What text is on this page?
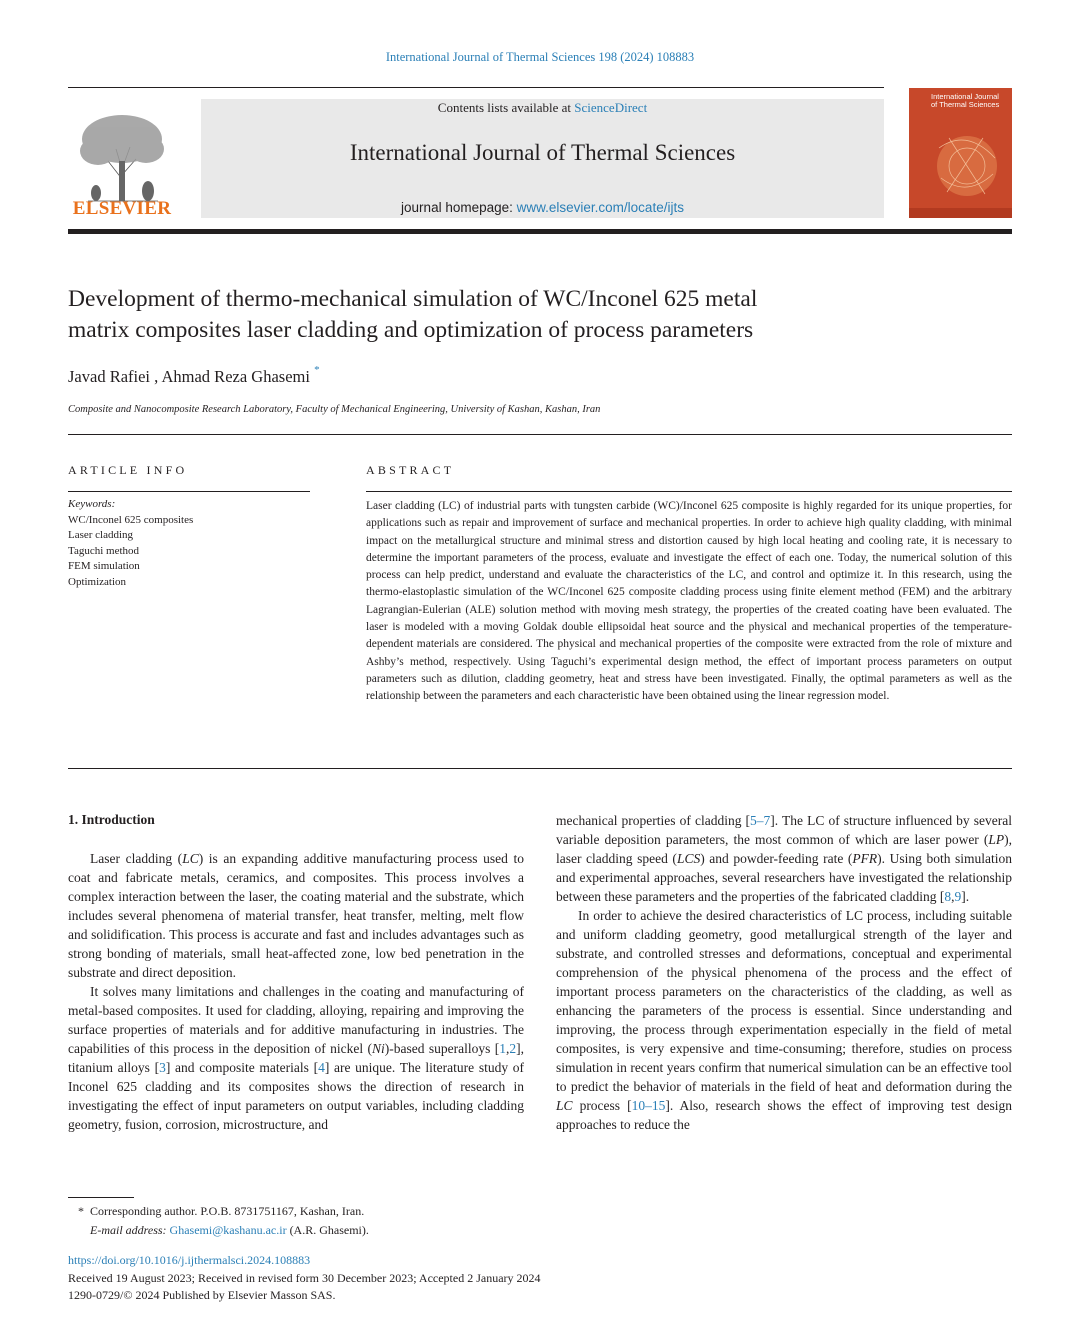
International Journal of Thermal Sciences 198 (2024) 108883
ELSEVIER
Contents lists available at ScienceDirect
International Journal of Thermal Sciences
journal homepage: www.elsevier.com/locate/ijts
International Journal of Thermal Sciences
Development of thermo-mechanical simulation of WC/Inconel 625 metal
matrix composites laser cladding and optimization of process parameters
Javad Rafiei , Ahmad Reza Ghasemi *
Composite and Nanocomposite Research Laboratory, Faculty of Mechanical Engineering, University of Kashan, Kashan, Iran
ARTICLE INFO
Keywords:
WC/Inconel 625 composites
Laser cladding
Taguchi method
FEM simulation
Optimization
ABSTRACT
Laser cladding (LC) of industrial parts with tungsten carbide (WC)/Inconel 625 composite is highly regarded for its unique properties, for applications such as repair and improvement of surface and mechanical properties. In order to achieve high quality cladding, with minimal impact on the metallurgical structure and minimal stress and distortion caused by high local heating and cooling rate, it is necessary to determine the important parameters of the process, evaluate and investigate the effect of each one. Today, the numerical solution of this process can help predict, understand and evaluate the characteristics of the LC, and control and optimize it. In this research, using the thermo-elastoplastic simulation of the WC/Inconel 625 composite cladding process using finite element method (FEM) and the arbitrary Lagrangian-Eulerian (ALE) solution method with moving mesh strategy, the properties of the created coating have been evaluated. The laser is modeled with a moving Goldak double ellipsoidal heat source and the physical and mechanical properties of the temperature-dependent materials are considered. The physical and mechanical properties of the composite were extracted from the role of mixture and Ashby’s method, respectively. Using Taguchi’s experimental design method, the effect of important process parameters on output parameters such as dilution, cladding geometry, heat and stress have been investigated. Finally, the optimal parameters as well as the relationship between the parameters and each characteristic have been obtained using the linear regression model.
1. Introduction

Laser cladding (LC) is an expanding additive manufacturing process used to coat and fabricate metals, ceramics, and composites. This process involves a complex interaction between the laser, the coating material and the substrate, which includes several phenomena of material transfer, heat transfer, melting, melt flow and solidification. This process is accurate and fast and includes advantages such as strong bonding of materials, small heat-affected zone, low bed penetration in the substrate and direct deposition.

It solves many limitations and challenges in the coating and manufacturing of metal-based composites. It used for cladding, alloying, repairing and improving the surface properties of materials and for additive manufacturing in industries. The capabilities of this process in the deposition of nickel (Ni)-based superalloys [1,2], titanium alloys [3] and composite materials [4] are unique. The literature study of Inconel 625 cladding and its composites shows the direction of research in investigating the effect of input parameters on output variables, including cladding geometry, fusion, corrosion, microstructure, and

mechanical properties of cladding [5–7]. The LC of structure influenced by several variable deposition parameters, the most common of which are laser power (LP), laser cladding speed (LCS) and powder-feeding rate (PFR). Using both simulation and experimental approaches, several researchers have investigated the relationship between these parameters and the properties of the fabricated cladding [8,9].

In order to achieve the desired characteristics of LC process, including suitable and uniform cladding geometry, good metallurgical strength of the layer and substrate, and controlled stresses and deformations, conceptual and experimental comprehension of the physical phenomena of the process and the effect of important process parameters on the characteristics of the cladding, as well as enhancing the parameters of the process is essential. Since understanding and improving, the process through experimentation especially in the field of metal composites, is very expensive and time-consuming; therefore, studies on process simulation in recent years confirm that numerical simulation can be an effective tool to predict the behavior of materials in the field of heat and deformation during the LC process [10–15]. Also, research shows the effect of improving test design approaches to reduce the

* Corresponding author. P.O.B. 8731751167, Kashan, Iran.
E-mail address: Ghasemi@kashanu.ac.ir (A.R. Ghasemi).
https://doi.org/10.1016/j.ijthermalsci.2024.108883
Received 19 August 2023; Received in revised form 30 December 2023; Accepted 2 January 2024
1290-0729/© 2024 Published by Elsevier Masson SAS.
